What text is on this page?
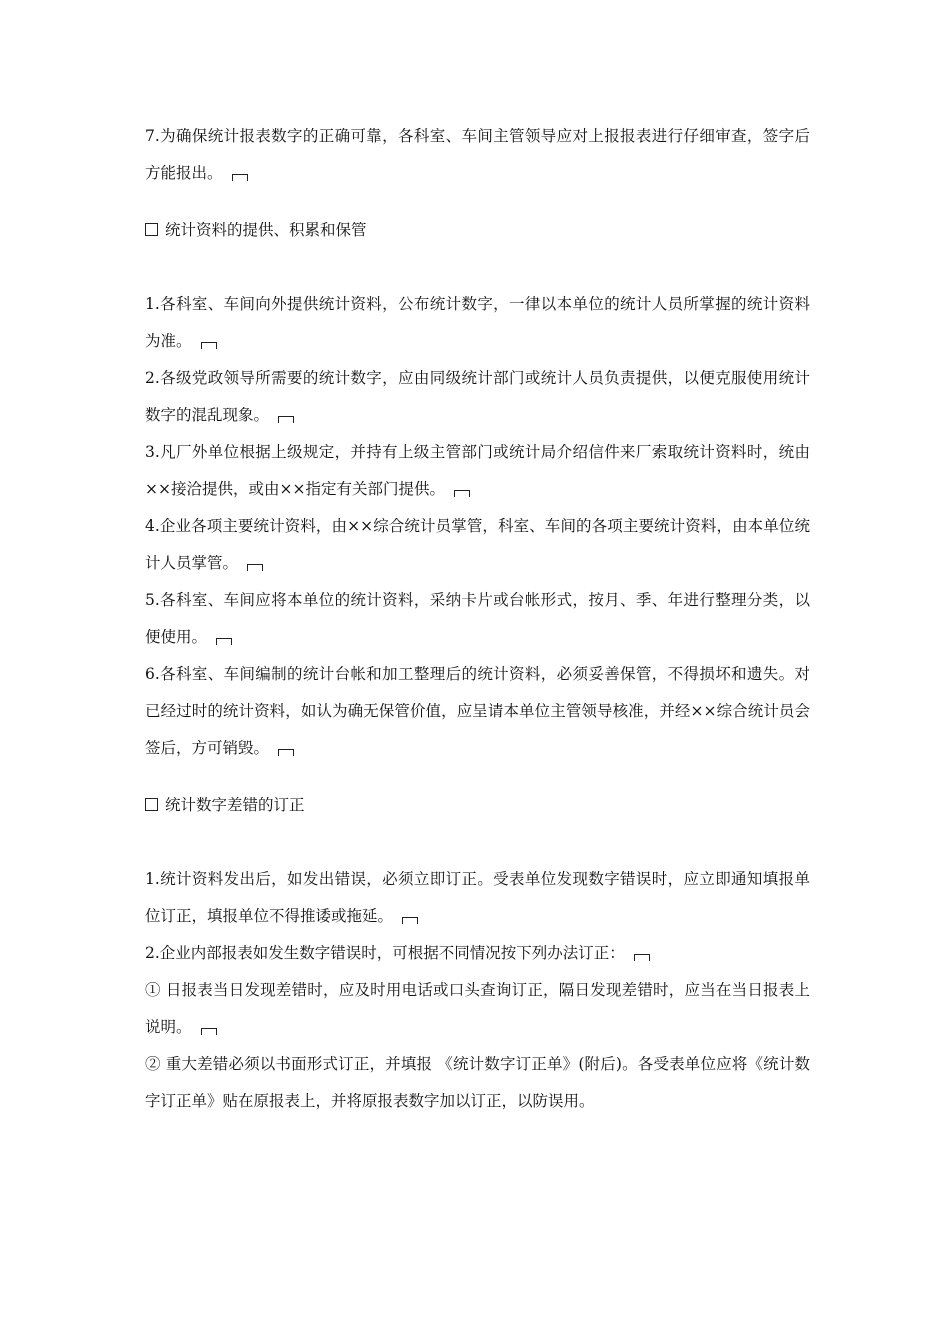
7.为确保统计报表数字的正确可靠，各科室、车间主管领导应对上报报表进行仔细审查，签字后方能报出。

统计资料的提供、积累和保管

1.各科室、车间向外提供统计资料，公布统计数字，一律以本单位的统计人员所掌握的统计资料为准。

2.各级党政领导所需要的统计数字，应由同级统计部门或统计人员负责提供，以便克服使用统计数字的混乱现象。

3.凡厂外单位根据上级规定，并持有上级主管部门或统计局介绍信件来厂索取统计资料时，统由××接洽提供，或由××指定有关部门提供。

4.企业各项主要统计资料，由××综合统计员掌管，科室、车间的各项主要统计资料，由本单位统计人员掌管。

5.各科室、车间应将本单位的统计资料，采纳卡片或台帐形式，按月、季、年进行整理分类，以便使用。

6.各科室、车间编制的统计台帐和加工整理后的统计资料，必须妥善保管，不得损坏和遗失。对已经过时的统计资料，如认为确无保管价值，应呈请本单位主管领导核准，并经××综合统计员会签后，方可销毁。

统计数字差错的订正

1.统计资料发出后，如发出错误，必须立即订正。受表单位发现数字错误时，应立即通知填报单位订正，填报单位不得推诿或拖延。

2.企业内部报表如发生数字错误时，可根据不同情况按下列办法订正：

① 日报表当日发现差错时，应及时用电话或口头查询订正，隔日发现差错时，应当在当日报表上说明。

② 重大差错必须以书面形式订正，并填报 《统计数字订正单》(附后)。各受表单位应将《统计数字订正单》贴在原报表上，并将原报表数字加以订正，以防误用。
